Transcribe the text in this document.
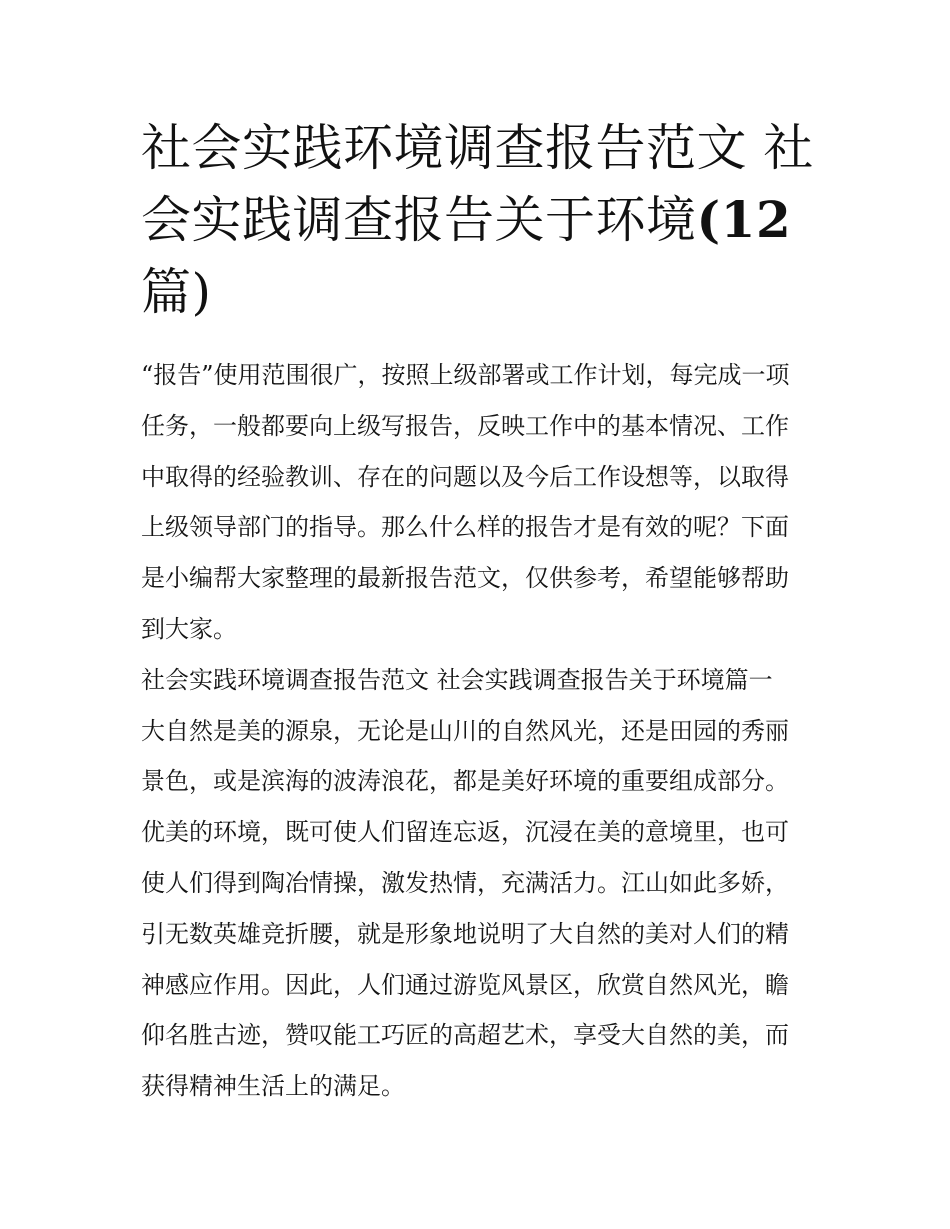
社会实践环境调查报告范文 社
会实践调查报告关于环境(12
篇)
“报告”使用范围很广，按照上级部署或工作计划，每完成一项
任务，一般都要向上级写报告，反映工作中的基本情况、工作
中取得的经验教训、存在的问题以及今后工作设想等，以取得
上级领导部门的指导。那么什么样的报告才是有效的呢？下面
是小编帮大家整理的最新报告范文，仅供参考，希望能够帮助
到大家。
社会实践环境调查报告范文 社会实践调查报告关于环境篇一
大自然是美的源泉，无论是山川的自然风光，还是田园的秀丽
景色，或是滨海的波涛浪花，都是美好环境的重要组成部分。
优美的环境，既可使人们留连忘返，沉浸在美的意境里，也可
使人们得到陶冶情操，激发热情，充满活力。江山如此多娇，
引无数英雄竞折腰，就是形象地说明了大自然的美对人们的精
神感应作用。因此，人们通过游览风景区，欣赏自然风光，瞻
仰名胜古迹，赞叹能工巧匠的高超艺术，享受大自然的美，而
获得精神生活上的满足。
